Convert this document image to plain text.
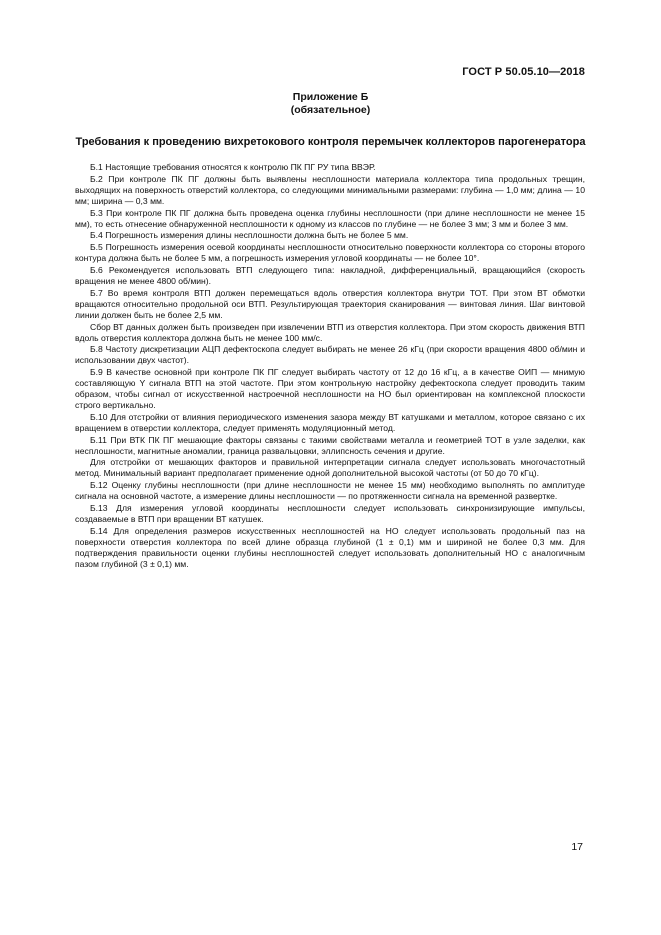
ГОСТ Р 50.05.10—2018
Приложение Б
(обязательное)
Требования к проведению вихретокового контроля перемычек коллекторов парогенератора

Б.1 Настоящие требования относятся к контролю ПК ПГ РУ типа ВВЭР.

Б.2 При контроле ПК ПГ должны быть выявлены несплошности материала коллектора типа продольных трещин, выходящих на поверхность отверстий коллектора, со следующими минимальными размерами: глубина — 1,0 мм; длина — 10 мм; ширина — 0,3 мм.

Б.3 При контроле ПК ПГ должна быть проведена оценка глубины несплошности (при длине несплошности не менее 15 мм), то есть отнесение обнаруженной несплошности к одному из классов по глубине — не более 3 мм; 3 мм и более 3 мм.

Б.4 Погрешность измерения длины несплошности должна быть не более 5 мм.

Б.5 Погрешность измерения осевой координаты несплошности относительно поверхности коллектора со стороны второго контура должна быть не более 5 мм, а погрешность измерения угловой координаты — не более 10°.

Б.6 Рекомендуется использовать ВТП следующего типа: накладной, дифференциальный, вращающийся (скорость вращения не менее 4800 об/мин).

Б.7 Во время контроля ВТП должен перемещаться вдоль отверстия коллектора внутри ТОТ. При этом ВТ обмотки вращаются относительно продольной оси ВТП. Результирующая траектория сканирования — винтовая линия. Шаг винтовой линии должен быть не более 2,5 мм.

Сбор ВТ данных должен быть произведен при извлечении ВТП из отверстия коллектора. При этом скорость движения ВТП вдоль отверстия коллектора должна быть не менее 100 мм/с.

Б.8 Частоту дискретизации АЦП дефектоскопа следует выбирать не менее 26 кГц (при скорости вращения 4800 об/мин и использовании двух частот).

Б.9 В качестве основной при контроле ПК ПГ следует выбирать частоту от 12 до 16 кГц, а в качестве ОИП — мнимую составляющую Y сигнала ВТП на этой частоте. При этом контрольную настройку дефектоскопа следует проводить таким образом, чтобы сигнал от искусственной настроечной несплошности на НО был ориентирован на комплексной плоскости строго вертикально.

Б.10 Для отстройки от влияния периодического изменения зазора между ВТ катушками и металлом, которое связано с их вращением в отверстии коллектора, следует применять модуляционный метод.

Б.11 При ВТК ПК ПГ мешающие факторы связаны с такими свойствами металла и геометрией ТОТ в узле заделки, как несплошности, магнитные аномалии, граница развальцовки, эллипсность сечения и другие.

Для отстройки от мешающих факторов и правильной интерпретации сигнала следует использовать многочастотный метод. Минимальный вариант предполагает применение одной дополнительной высокой частоты (от 50 до 70 кГц).

Б.12 Оценку глубины несплошности (при длине несплошности не менее 15 мм) необходимо выполнять по амплитуде сигнала на основной частоте, а измерение длины несплошности — по протяженности сигнала на временной развертке.

Б.13 Для измерения угловой координаты несплошности следует использовать синхронизирующие импульсы, создаваемые в ВТП при вращении ВТ катушек.

Б.14 Для определения размеров искусственных несплошностей на НО следует использовать продольный паз на поверхности отверстия коллектора по всей длине образца глубиной (1 ± 0,1) мм и шириной не более 0,3 мм. Для подтверждения правильности оценки глубины несплошностей следует использовать дополнительный НО с аналогичным пазом глубиной (3 ± 0,1) мм.

17
